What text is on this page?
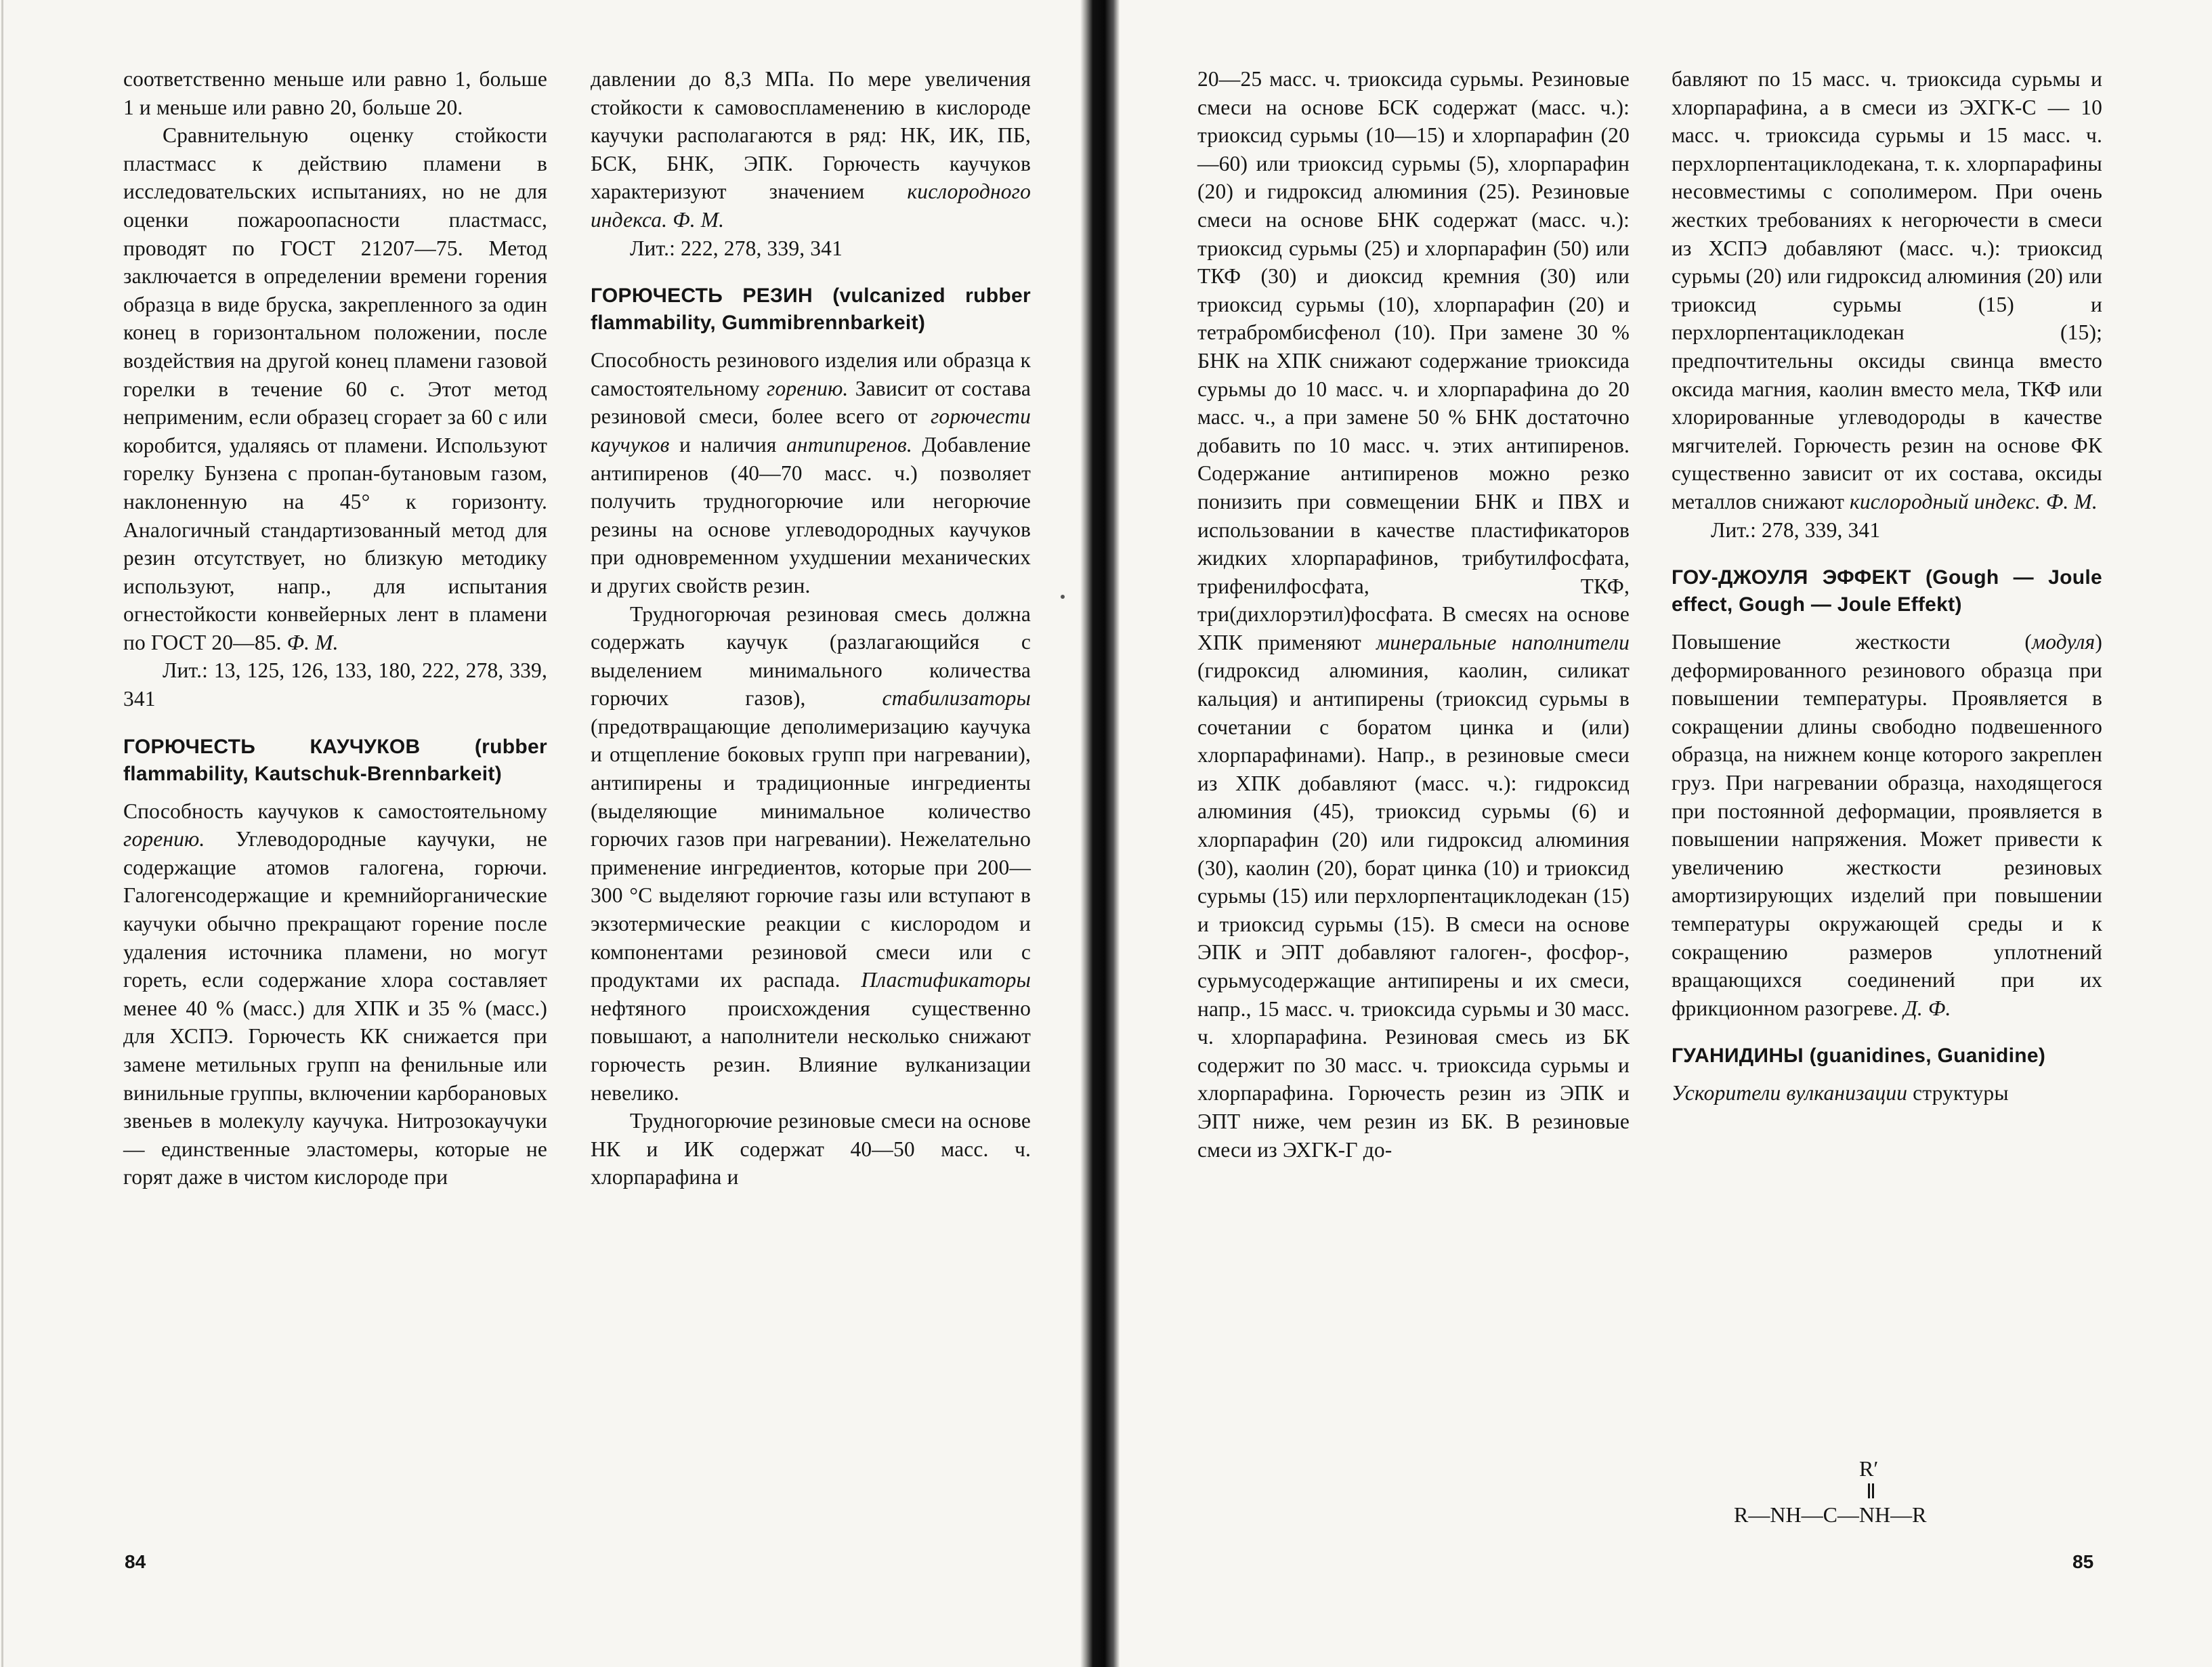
соответственно меньше или равно 1, больше 1 и меньше или равно 20, больше 20.

Сравнительную оценку стойкости пластмасс к действию пламени в исследовательских испытаниях, но не для оценки пожароопасности пластмасс, проводят по ГОСТ 21207—75. Метод заключается в определении времени горения образца в виде бруска, закрепленного за один конец в горизонтальном положении, после воздействия на другой конец пламени газовой горелки в течение 60 с. Этот метод неприменим, если образец сгорает за 60 с или коробится, удаляясь от пламени. Используют горелку Бунзена с пропан-бутановым газом, наклоненную на 45° к горизонту. Аналогичный стандартизованный метод для резин отсутствует, но близкую методику используют, напр., для испытания огнестойкости конвейерных лент в пламени по ГОСТ 20—85. Ф. М.

Лит.: 13, 125, 126, 133, 180, 222, 278, 339, 341

ГОРЮЧЕСТЬ КАУЧУКОВ	(rubber flammability, Kautschuk-Brennbarkeit)

Способность каучуков к самостоятельному горению. Углеводородные каучуки, не содержащие атомов галогена, горючи. Галогенсодержащие и кремнийорганические каучуки обычно прекращают горение после удаления источника пламени, но могут гореть, если содержание хлора составляет менее 40 % (масс.) для ХПК и 35 % (масс.) для ХСПЭ. Горючесть КК снижается при замене метильных групп на фенильные или винильные группы, включении карборановых звеньев в молекулу каучука. Нитрозокаучуки — единственные эластомеры, которые не горят даже в чистом кислороде при

давлении до 8,3 МПа. По мере увеличения стойкости к самовоспламенению в кислороде каучуки располагаются в ряд: НК, ИК, ПБ, БСК, БНК, ЭПК. Горючесть каучуков характеризуют значением кислородного индекса. Ф. М.

Лит.: 222, 278, 339, 341

ГОРЮЧЕСТЬ РЕЗИН (vulcanized rubber flammability, Gummibrennbarkeit)

Способность резинового изделия или образца к самостоятельному горению. Зависит от состава резиновой смеси, более всего от горючести каучуков и наличия антипиренов. Добавление антипиренов (40—70 масс. ч.) позволяет получить трудногорючие или негорючие резины на основе углеводородных каучуков при одновременном ухудшении механических и других свойств резин.

Трудногорючая резиновая смесь должна содержать каучук (разлагающийся с выделением минимального количества горючих газов), стабилизаторы (предотвращающие деполимеризацию каучука и отщепление боковых групп при нагревании), антипирены и традиционные ингредиенты (выделяющие минимальное количество горючих газов при нагревании). Нежелательно применение ингредиентов, которые при 200—300 °С выделяют горючие газы или вступают в экзотермические реакции с кислородом и компонентами резиновой смеси или с продуктами их распада. Пластификаторы нефтяного происхождения существенно повышают, а наполнители несколько снижают горючесть резин. Влияние вулканизации невелико.

Трудногорючие резиновые смеси на основе НК и ИК содержат 40—50 масс. ч. хлорпарафина и

84

20—25 масс. ч. триоксида сурьмы. Резиновые смеси на основе БСК содержат (масс. ч.): триоксид сурьмы (10—15) и хлорпарафин (20—60) или триоксид сурьмы (5), хлорпарафин (20) и гидроксид алюминия (25). Резиновые смеси на основе БНК содержат (масс. ч.): триоксид сурьмы (25) и хлорпарафин (50) или ТКФ (30) и диоксид кремния (30) или триоксид сурьмы (10), хлорпарафин (20) и тетрабромбисфенол (10). При замене 30 % БНК на ХПК снижают содержание триоксида сурьмы до 10 масс. ч. и хлорпарафина до 20 масс. ч., а при замене 50 % БНК достаточно добавить по 10 масс. ч. этих антипиренов. Содержание антипиренов можно резко понизить при совмещении БНК и ПВХ и использовании в качестве пластификаторов жидких хлорпарафинов, трибутилфосфата, трифенилфосфата, ТКФ, три(дихлорэтил)фосфата. В смесях на основе ХПК применяют минеральные наполнители (гидроксид алюминия, каолин, силикат кальция) и антипирены (триоксид сурьмы в сочетании с боратом цинка и (или) хлорпарафинами). Напр., в резиновые смеси из ХПК добавляют (масс. ч.): гидроксид алюминия (45), триоксид сурьмы (6) и хлорпарафин (20) или гидроксид алюминия (30), каолин (20), борат цинка (10) и триоксид сурьмы (15) или перхлорпентациклодекан (15) и триоксид сурьмы (15). В смеси на основе ЭПК и ЭПТ добавляют галоген-, фосфор-, сурьмусодержащие антипирены и их смеси, напр., 15 масс. ч. триоксида сурьмы и 30 масс. ч. хлорпарафина. Резиновая смесь из БК содержит по 30 масс. ч. триоксида сурьмы и хлорпарафина. Горючесть резин из ЭПК и ЭПТ ниже, чем резин из БК. В резиновые смеси из ЭХГК-Г до-

бавляют по 15 масс. ч. триоксида сурьмы и хлорпарафина, а в смеси из ЭХГК-С — 10 масс. ч. триоксида сурьмы и 15 масс. ч. перхлорпентациклодекана, т. к. хлорпарафины несовместимы с сополимером. При очень жестких требованиях к негорючести в смеси из ХСПЭ добавляют (масс. ч.): триоксид сурьмы (20) или гидроксид алюминия (20) или триоксид сурьмы (15) и перхлорпентациклодекан (15); предпочтительны оксиды свинца вместо оксида магния, каолин вместо мела, ТКФ или хлорированные углеводороды в качестве мягчителей. Горючесть резин на основе ФК существенно зависит от их состава, оксиды металлов снижают кислородный индекс. Ф. М.

Лит.: 278, 339, 341

ГОУ-ДЖОУЛЯ ЭФФЕКТ (Gough — Joule effect, Gough — Joule Effekt)

Повышение жесткости (модуля) деформированного резинового образца при повышении температуры. Проявляется в сокращении длины свободно подвешенного образца, на нижнем конце которого закреплен груз. При нагревании образца, находящегося при постоянной деформации, проявляется в повышении напряжения. Может привести к увеличению жесткости резиновых амортизирующих изделий при повышении температуры окружающей среды и к сокращению размеров уплотнений вращающихся соединений при их фрикционном разогреве. Д. Ф.

ГУАНИДИНЫ (guanidines, Guanidine)

Ускорители вулканизации структуры

85
R′
R—NH—C—NH—R
